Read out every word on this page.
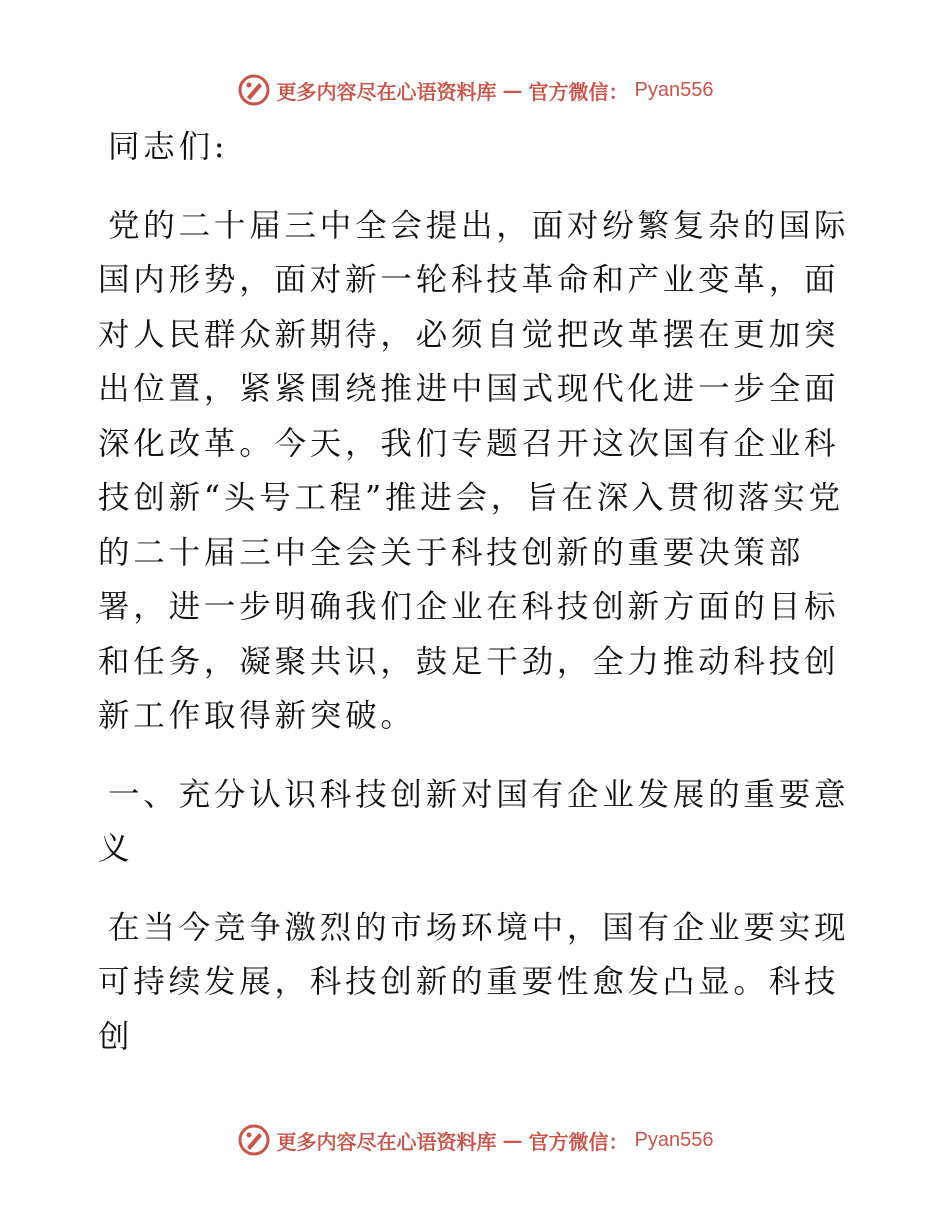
更多内容尽在心语资料库 — 官方微信： Pyan556

同志们:

党的二十届三中全会提出，面对纷繁复杂的国际国内形势，面对新一轮科技革命和产业变革，面对人民群众新期待，必须自觉把改革摆在更加突出位置，紧紧围绕推进中国式现代化进一步全面深化改革。今天，我们专题召开这次国有企业科技创新“头号工程”推进会，旨在深入贯彻落实党的二十届三中全会关于科技创新的重要决策部署，进一步明确我们企业在科技创新方面的目标和任务，凝聚共识，鼓足干劲，全力推动科技创新工作取得新突破。

一、充分认识科技创新对国有企业发展的重要意义

在当今竞争激烈的市场环境中，国有企业要实现可持续发展，科技创新的重要性愈发凸显。科技创

更多内容尽在心语资料库 — 官方微信： Pyan556
